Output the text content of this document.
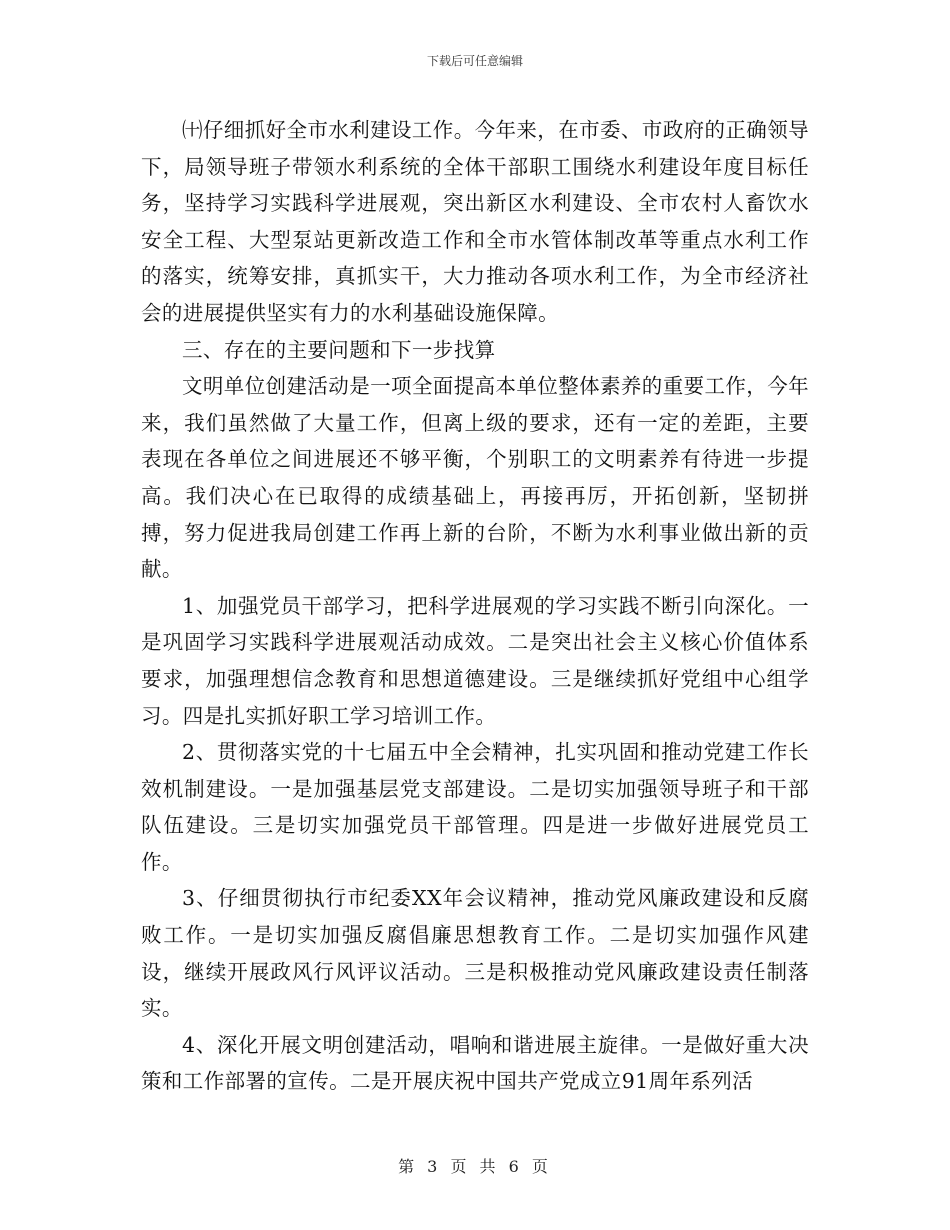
下载后可任意编辑

㈩仔细抓好全市水利建设工作。今年来，在市委、市政府的正确领导下，局领导班子带领水利系统的全体干部职工围绕水利建设年度目标任务，坚持学习实践科学进展观，突出新区水利建设、全市农村人畜饮水安全工程、大型泵站更新改造工作和全市水管体制改革等重点水利工作的落实，统筹安排，真抓实干，大力推动各项水利工作，为全市经济社会的进展提供坚实有力的水利基础设施保障。

三、存在的主要问题和下一步找算

文明单位创建活动是一项全面提高本单位整体素养的重要工作，今年来，我们虽然做了大量工作，但离上级的要求，还有一定的差距，主要表现在各单位之间进展还不够平衡，个别职工的文明素养有待进一步提高。我们决心在已取得的成绩基础上，再接再厉，开拓创新，坚韧拼搏，努力促进我局创建工作再上新的台阶，不断为水利事业做出新的贡献。

1、加强党员干部学习，把科学进展观的学习实践不断引向深化。一是巩固学习实践科学进展观活动成效。二是突出社会主义核心价值体系要求，加强理想信念教育和思想道德建设。三是继续抓好党组中心组学习。四是扎实抓好职工学习培训工作。

2、贯彻落实党的十七届五中全会精神，扎实巩固和推动党建工作长效机制建设。一是加强基层党支部建设。二是切实加强领导班子和干部队伍建设。三是切实加强党员干部管理。四是进一步做好进展党员工作。

3、仔细贯彻执行市纪委XX年会议精神，推动党风廉政建设和反腐败工作。一是切实加强反腐倡廉思想教育工作。二是切实加强作风建设，继续开展政风行风评议活动。三是积极推动党风廉政建设责任制落实。

4、深化开展文明创建活动，唱响和谐进展主旋律。一是做好重大决策和工作部署的宣传。二是开展庆祝中国共产党成立91周年系列活

第 3 页 共 6 页
